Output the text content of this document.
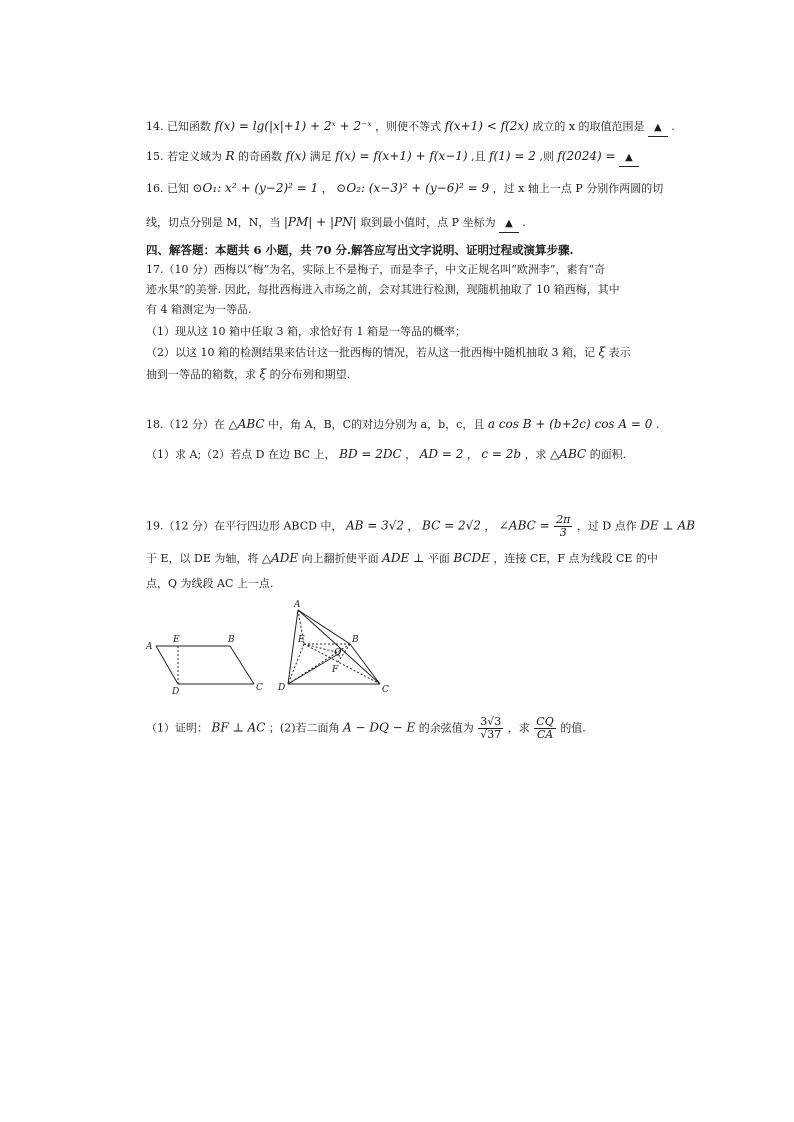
14. 已知函数 f(x) = lg(|x|+1) + 2ˣ + 2⁻ˣ ，则使不等式 f(x+1) < f(2x) 成立的 x 的取值范围是 ▲ .
15. 若定义域为 R 的奇函数 f(x) 满足 f(x) = f(x+1) + f(x−1) ,且 f(1) = 2 ,则 f(2024) = ▲
16. 已知 ⊙O₁: x² + (y−2)² = 1 ， ⊙O₂: (x−3)² + (y−6)² = 9 ，过 x 轴上一点 P 分别作两圆的切
线，切点分别是 M，N，当 |PM| + |PN| 取到最小值时，点 P 坐标为 ▲ .
四、解答题：本题共 6 小题，共 70 分.解答应写出文字说明、证明过程或演算步骤.
17.（10 分）西梅以“梅”为名，实际上不是梅子，而是李子，中文正规名叫“欧洲李”，素有“奇
迹水果”的美誉. 因此，每批西梅进入市场之前，会对其进行检测，现随机抽取了 10 箱西梅，其中
有 4 箱测定为一等品.
（1）现从这 10 箱中任取 3 箱，求恰好有 1 箱是一等品的概率；
（2）以这 10 箱的检测结果来估计这一批西梅的情况，若从这一批西梅中随机抽取 3 箱，记 ξ 表示
抽到一等品的箱数，求 ξ 的分布列和期望.
18.（12 分）在 △ABC 中，角 A，B，C的对边分别为 a，b，c，且 a cos B + (b+2c) cos A = 0 .
（1）求 A;（2）若点 D 在边 BC 上， BD = 2DC ， AD = 2 ， c = 2b ，求 △ABC 的面积.
19.（12 分）在平行四边形 ABCD 中， AB = 3√2 ， BC = 2√2 ， ∠ABC = $\frac{2\pi}{3}$ ，过 D 点作 DE ⊥ AB
于 E，以 DE 为轴，将 △ADE 向上翻折使平面 ADE ⊥ 平面 BCDE ，连接 CE，F 点为线段 CE 的中
点，Q 为线段 AC 上一点.
A
E	B
D	C
A
E	B
Q
F
D	C
（1）证明： BF ⊥ AC ；(2)若二面角 A − DQ − E 的余弦值为 $\frac{3√3}{√37}$ ，求 $\frac{CQ}{CA}$ 的值.
